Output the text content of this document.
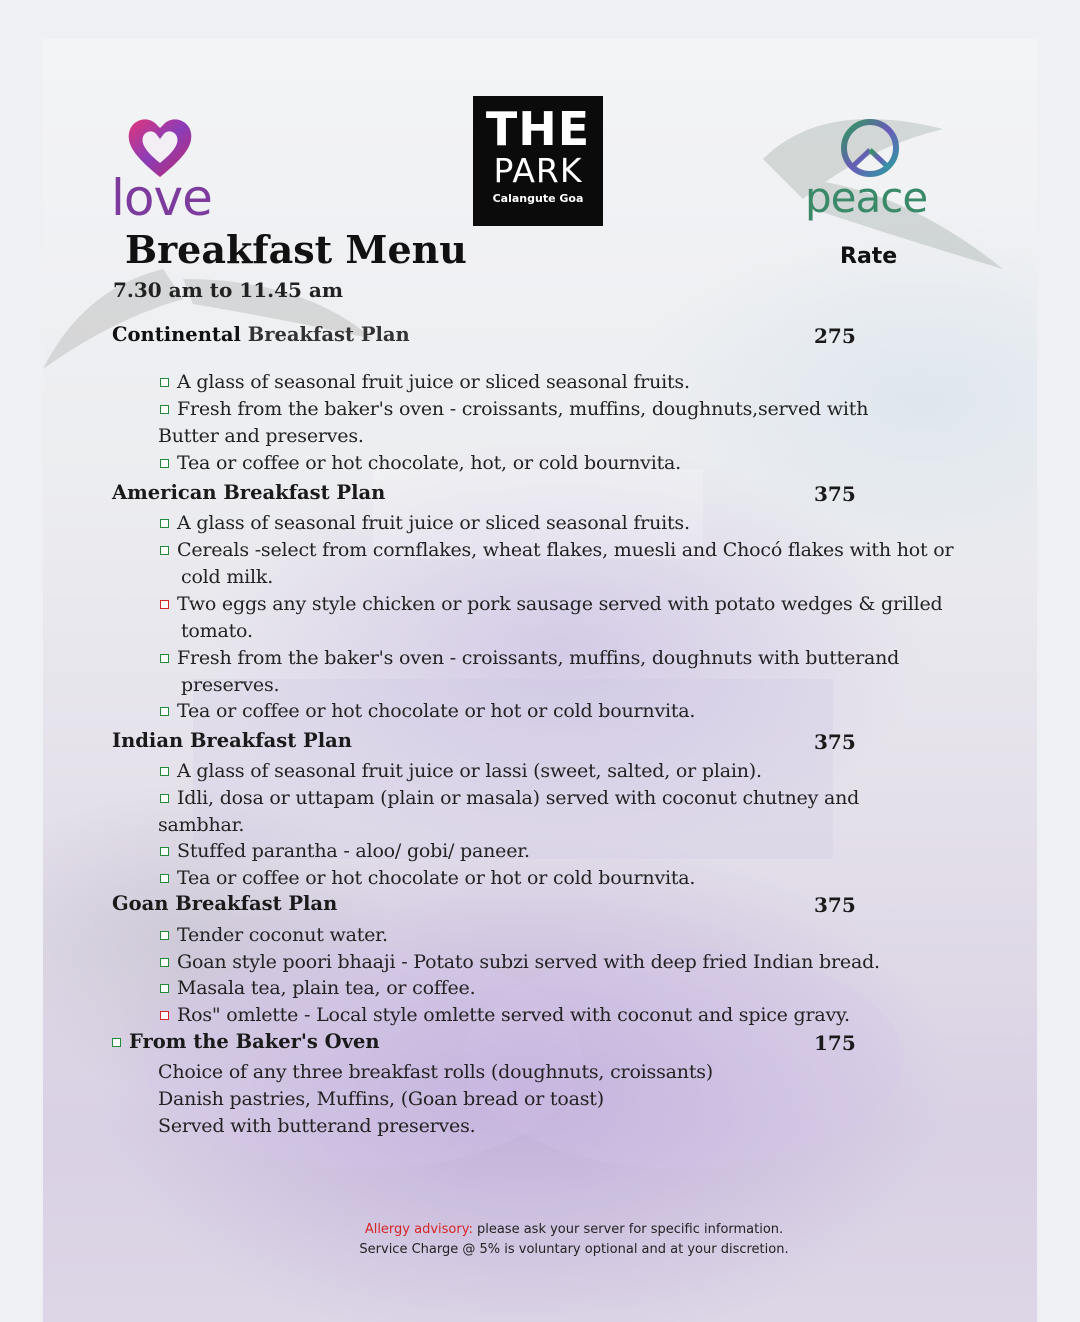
love
THE
PARK
Calangute Goa	peace
Breakfast Menu	Rate
7.30 am to 11.45 am
Continental Breakfast Plan	275
A glass of seasonal fruit juice or sliced seasonal fruits.
Fresh from the baker's oven - croissants, muffins, doughnuts,served with
Butter and preserves.
Tea or coffee or hot chocolate, hot, or cold bournvita.
American Breakfast Plan	375
A glass of seasonal fruit juice or sliced seasonal fruits.
Cereals -select from cornflakes, wheat flakes, muesli and Chocó flakes with hot or
cold milk.
Two eggs any style chicken or pork sausage served with potato wedges & grilled
tomato.
Fresh from the baker's oven - croissants, muffins, doughnuts with butterand
preserves.
Tea or coffee or hot chocolate or hot or cold bournvita.
Indian Breakfast Plan	375
A glass of seasonal fruit juice or lassi (sweet, salted, or plain).
Idli, dosa or uttapam (plain or masala) served with coconut chutney and
sambhar.
Stuffed parantha - aloo/ gobi/ paneer.
Tea or coffee or hot chocolate or hot or cold bournvita.
Goan Breakfast Plan	375
Tender coconut water.
Goan style poori bhaaji - Potato subzi served with deep fried Indian bread.
Masala tea, plain tea, or coffee.
Ros" omlette - Local style omlette served with coconut and spice gravy.
From the Baker's Oven	175
Choice of any three breakfast rolls (doughnuts, croissants)
Danish pastries, Muffins, (Goan bread or toast)
Served with butterand preserves.
Allergy advisory: please ask your server for specific information.
Service Charge @ 5% is voluntary optional and at your discretion.
